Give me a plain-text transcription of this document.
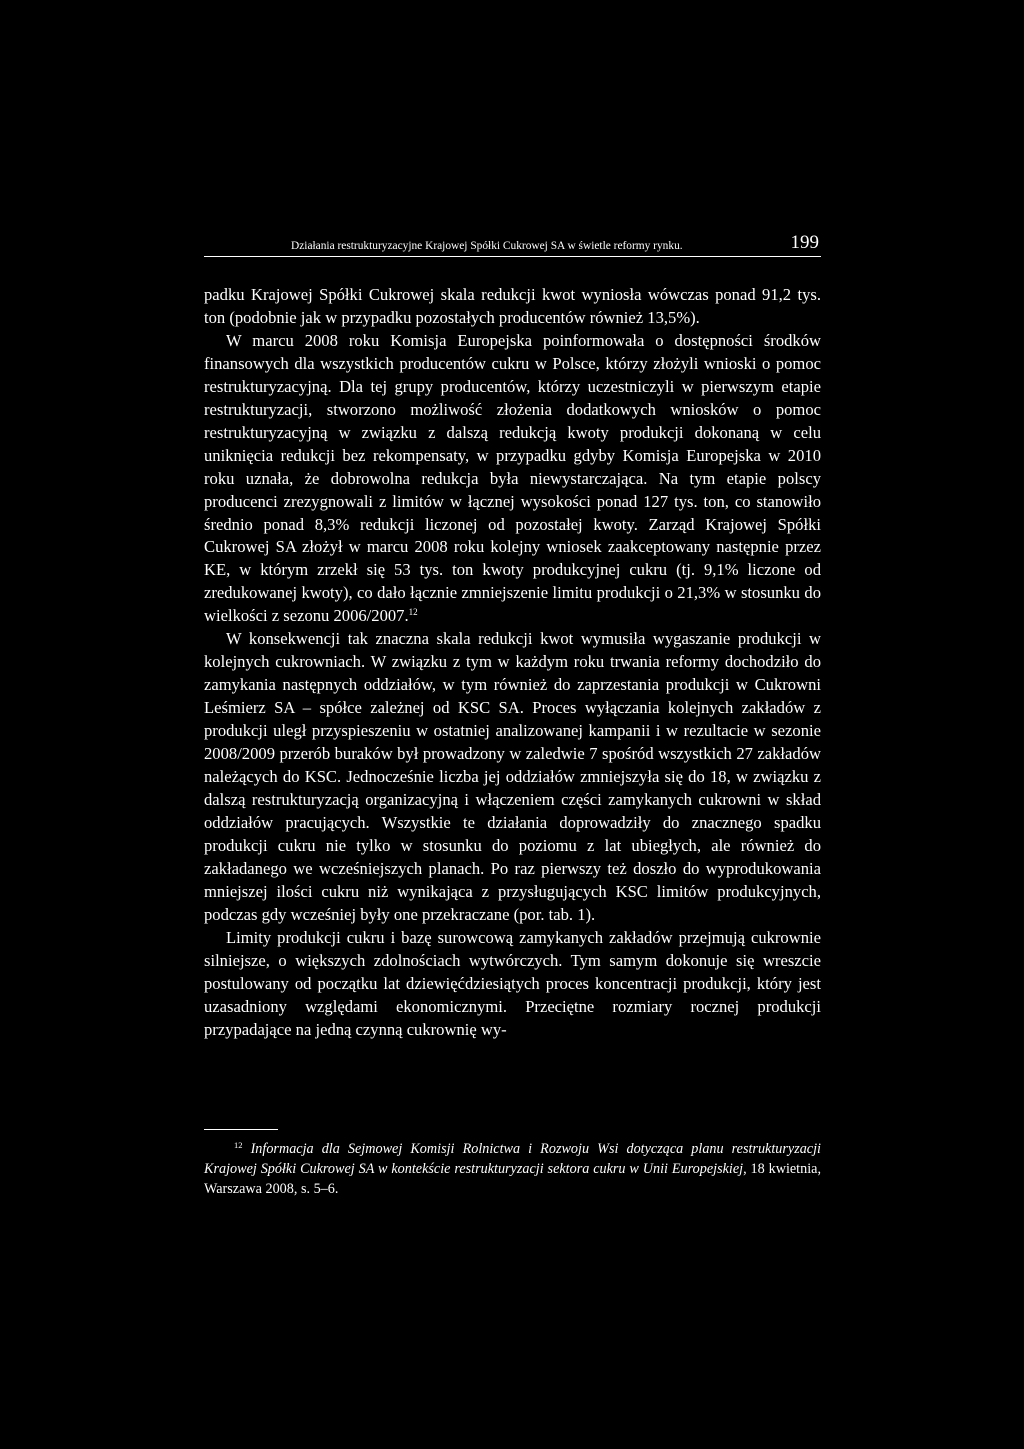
Działania restrukturyzacyjne Krajowej Spółki Cukrowej SA w świetle reformy rynku.	199

padku Krajowej Spółki Cukrowej skala redukcji kwot wyniosła wówczas ponad 91,2 tys. ton (podobnie jak w przypadku pozostałych producentów również 13,5%).

W marcu 2008 roku Komisja Europejska poinformowała o dostępności środków finansowych dla wszystkich producentów cukru w Polsce, którzy złożyli wnioski o pomoc restrukturyzacyjną. Dla tej grupy producentów, którzy uczestniczyli w pierwszym etapie restrukturyzacji, stworzono możliwość złożenia dodatkowych wniosków o pomoc restrukturyzacyjną w związku z dalszą redukcją kwoty produkcji dokonaną w celu uniknięcia redukcji bez rekompensaty, w przypadku gdyby Komisja Europejska w 2010 roku uznała, że dobrowolna redukcja była niewystarczająca. Na tym etapie polscy producenci zrezygnowali z limitów w łącznej wysokości ponad 127 tys. ton, co stanowiło średnio ponad 8,3% redukcji liczonej od pozostałej kwoty. Zarząd Krajowej Spółki Cukrowej SA złożył w marcu 2008 roku kolejny wniosek zaakceptowany następnie przez KE, w którym zrzekł się 53 tys. ton kwoty produkcyjnej cukru (tj. 9,1% liczone od zredukowanej kwoty), co dało łącznie zmniejszenie limitu produkcji o 21,3% w stosunku do wielkości z sezonu 2006/2007.12

W konsekwencji tak znaczna skala redukcji kwot wymusiła wygaszanie produkcji w kolejnych cukrowniach. W związku z tym w każdym roku trwania reformy dochodziło do zamykania następnych oddziałów, w tym również do zaprzestania produkcji w Cukrowni Leśmierz SA – spółce zależnej od KSC SA. Proces wyłączania kolejnych zakładów z produkcji uległ przyspieszeniu w ostatniej analizowanej kampanii i w rezultacie w sezonie 2008/2009 przerób buraków był prowadzony w zaledwie 7 spośród wszystkich 27 zakładów należących do KSC. Jednocześnie liczba jej oddziałów zmniejszyła się do 18, w związku z dalszą restrukturyzacją organizacyjną i włączeniem części zamykanych cukrowni w skład oddziałów pracujących. Wszystkie te działania doprowadziły do znacznego spadku produkcji cukru nie tylko w stosunku do poziomu z lat ubiegłych, ale również do zakładanego we wcześniejszych planach. Po raz pierwszy też doszło do wyprodukowania mniejszej ilości cukru niż wynikająca z przysługujących KSC limitów produkcyjnych, podczas gdy wcześniej były one przekraczane (por. tab. 1).

Limity produkcji cukru i bazę surowcową zamykanych zakładów przejmują cukrownie silniejsze, o większych zdolnościach wytwórczych. Tym samym dokonuje się wreszcie postulowany od początku lat dziewięćdziesiątych proces koncentracji produkcji, który jest uzasadniony względami ekonomicznymi. Przeciętne rozmiary rocznej produkcji przypadające na jedną czynną cukrownię wy-

$^{12}$ Informacja dla Sejmowej Komisji Rolnictwa i Rozwoju Wsi dotycząca planu restrukturyzacji Krajowej Spółki Cukrowej SA w kontekście restrukturyzacji sektora cukru w Unii Europejskiej, 18 kwietnia, Warszawa 2008, s. 5–6.
